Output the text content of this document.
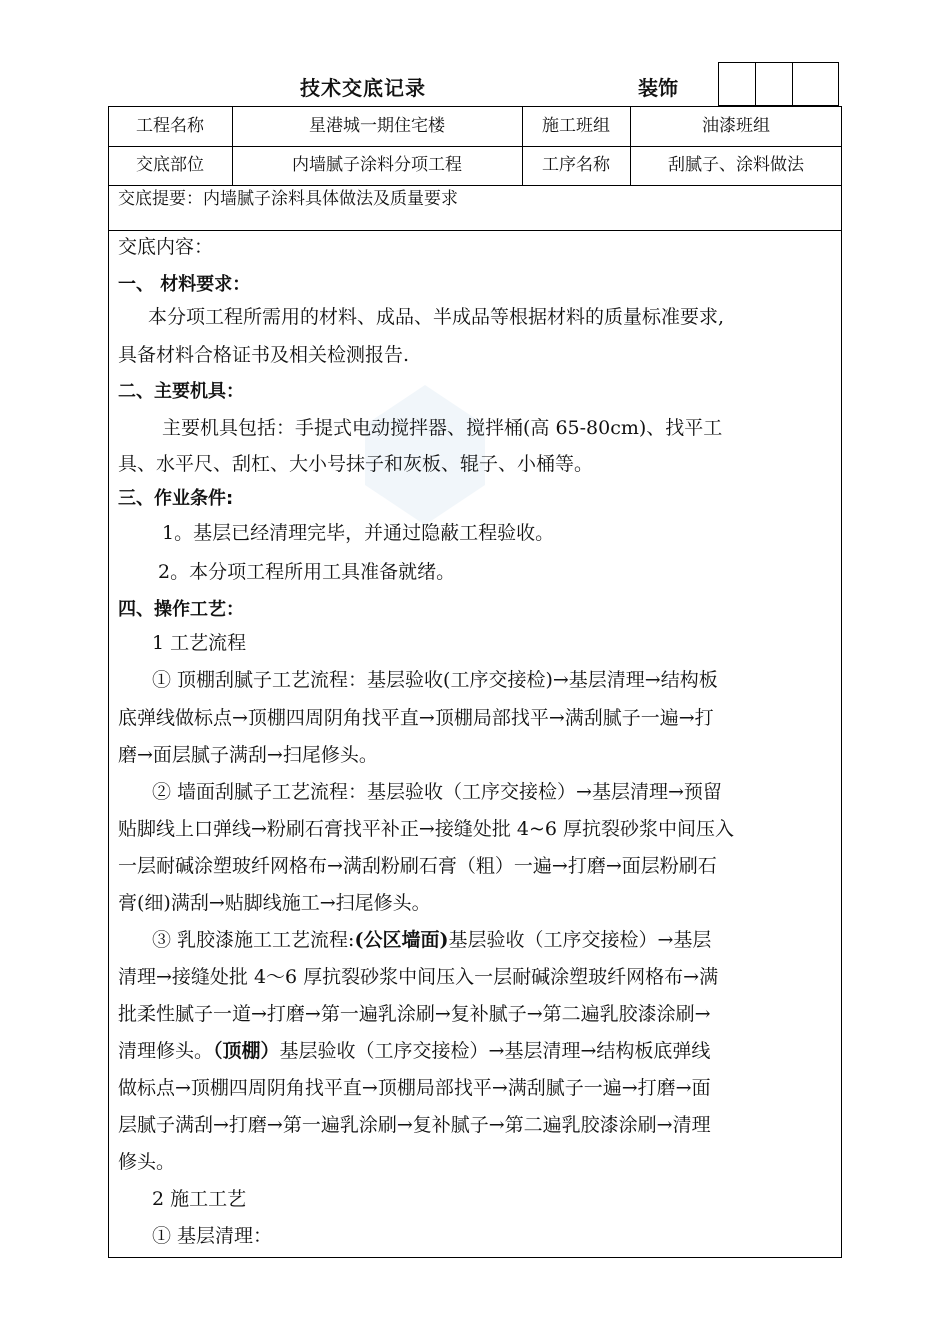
技术交底记录	装饰
工程名称	星港城一期住宅楼	施工班组	油漆班组
交底部位	内墙腻子涂料分项工程	工序名称	刮腻子、涂料做法
交底提要：内墙腻子涂料具体做法及质量要求
交底内容：
一、 材料要求：
本分项工程所需用的材料、成品、半成品等根据材料的质量标准要求,
具备材料合格证书及相关检测报告.
二、主要机具：
主要机具包括：手提式电动搅拌器、搅拌桶(高 65-80cm)、找平工
具、水平尺、刮杠、大小号抹子和灰板、辊子、小桶等。
三、作业条件:
1。基层已经清理完毕，并通过隐蔽工程验收。
2。本分项工程所用工具准备就绪。
四、操作工艺：
1 工艺流程
① 顶棚刮腻子工艺流程：基层验收(工序交接检)→基层清理→结构板
底弹线做标点→顶棚四周阴角找平直→顶棚局部找平→满刮腻子一遍→打
磨→面层腻子满刮→扫尾修头。
② 墙面刮腻子工艺流程：基层验收（工序交接检）→基层清理→预留
贴脚线上口弹线→粉刷石膏找平补正→接缝处批 4~6 厚抗裂砂浆中间压入
一层耐碱涂塑玻纤网格布→满刮粉刷石膏（粗）一遍→打磨→面层粉刷石
膏(细)满刮→贴脚线施工→扫尾修头。
③ 乳胶漆施工工艺流程:(公区墙面)基层验收（工序交接检）→基层
清理→接缝处批 4～6 厚抗裂砂浆中间压入一层耐碱涂塑玻纤网格布→满
批柔性腻子一道→打磨→第一遍乳涂刷→复补腻子→第二遍乳胶漆涂刷→
清理修头。（顶棚）基层验收（工序交接检）→基层清理→结构板底弹线
做标点→顶棚四周阴角找平直→顶棚局部找平→满刮腻子一遍→打磨→面
层腻子满刮→打磨→第一遍乳涂刷→复补腻子→第二遍乳胶漆涂刷→清理
修头。
2 施工工艺
① 基层清理：
